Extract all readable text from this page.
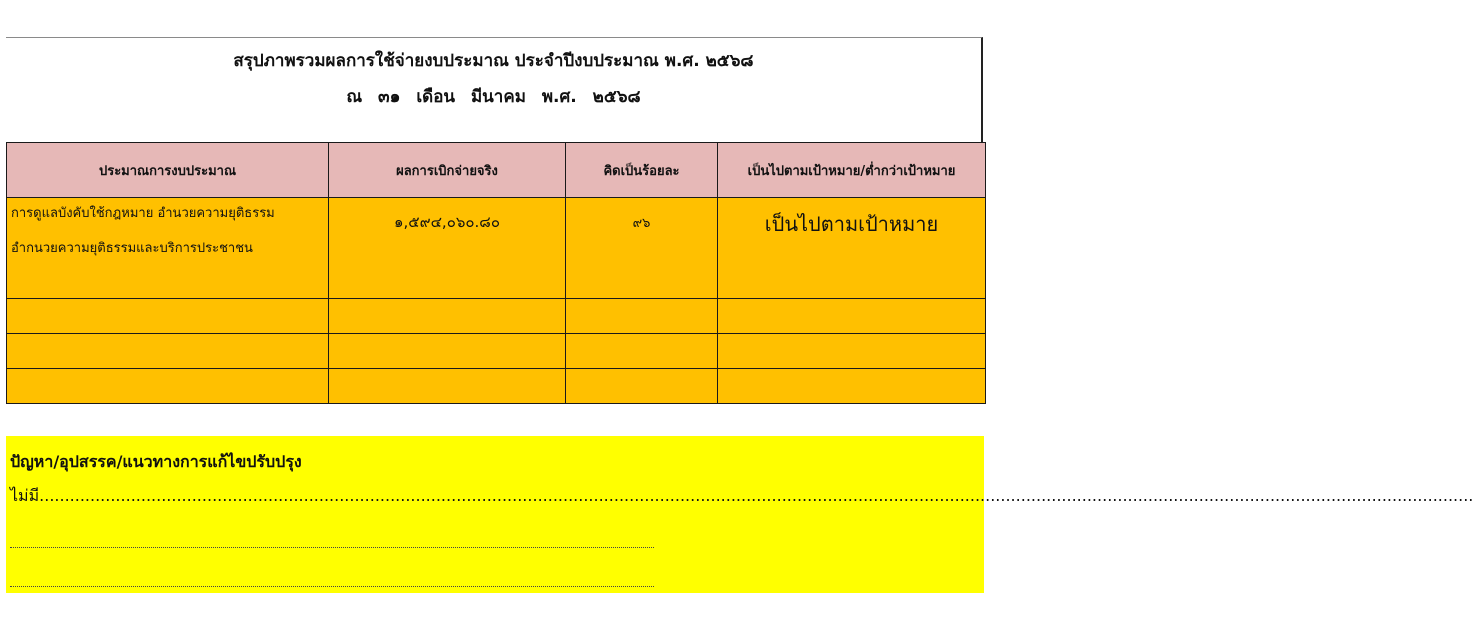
สรุปภาพรวมผลการใช้จ่ายงบประมาณ ประจำปีงบประมาณ พ.ศ. ๒๕๖๘
ณ ๓๑ เดือน มีนาคม พ.ศ. ๒๕๖๘
ประมาณการงบประมาณ	ผลการเบิกจ่ายจริง	คิดเป็นร้อยละ	เป็นไปตามเป้าหมาย/ต่ำกว่าเป้าหมาย

การดูแลบังคับใช้กฎหมาย อำนวยความยุติธรรม
อำกนวยความยุติธรรมและบริการประชาชน	๑,๕๙๔,๐๖๐.๘๐	๙๖	เป็นไปตามเป้าหมาย

ปัญหา/อุปสรรค/แนวทางการแก้ไขปรับปรุง
ไม่มี..........................................................................................................................................................................................................................................................................................
